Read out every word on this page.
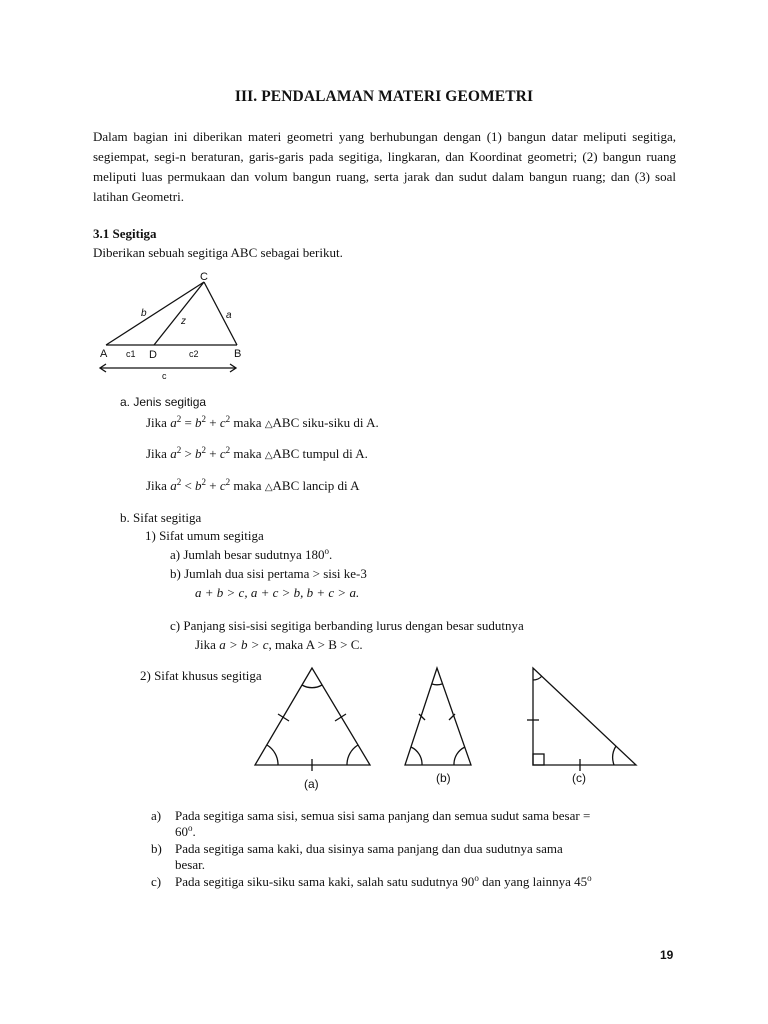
III. PENDALAMAN MATERI GEOMETRI
Dalam bagian ini diberikan materi geometri yang berhubungan dengan (1) bangun datar meliputi segitiga, segiempat, segi-n beraturan, garis-garis pada segitiga, lingkaran, dan Koordinat geometri; (2) bangun ruang meliputi luas permukaan dan volum bangun ruang, serta jarak dan sudut dalam bangun ruang; dan (3) soal latihan Geometri.
3.1 Segitiga
Diberikan sebuah segitiga ABC sebagai berikut.
C
A	B
D
b	a
z
c1	c2
c
a. Jenis segitiga
Jika $a^2 = b^2 + c^2$ maka △ABC siku-siku di A.
Jika $a^2 > b^2 + c^2$ maka △ABC tumpul di A.
Jika $a^2 < b^2 + c^2$ maka △ABC lancip di A
b. Sifat segitiga
1) Sifat umum segitiga
a) Jumlah besar sudutnya 180$^o$.
b) Jumlah dua sisi pertama > sisi ke-3
a + b > c, a + c > b, b + c > a.
c) Panjang sisi-sisi segitiga berbanding lurus dengan besar sudutnya
Jika a > b > c, maka A > B > C.
2) Sifat khusus segitiga
(a)	(b)	(c)
a) Pada segitiga sama sisi, semua sisi sama panjang dan semua sudut sama besar =
$60^o$.
b) Pada segitiga sama kaki, dua sisinya sama panjang dan dua sudutnya sama
besar.
c) Pada segitiga siku-siku sama kaki, salah satu sudutnya 90$^o$ dan yang lainnya 45$^o$
19
